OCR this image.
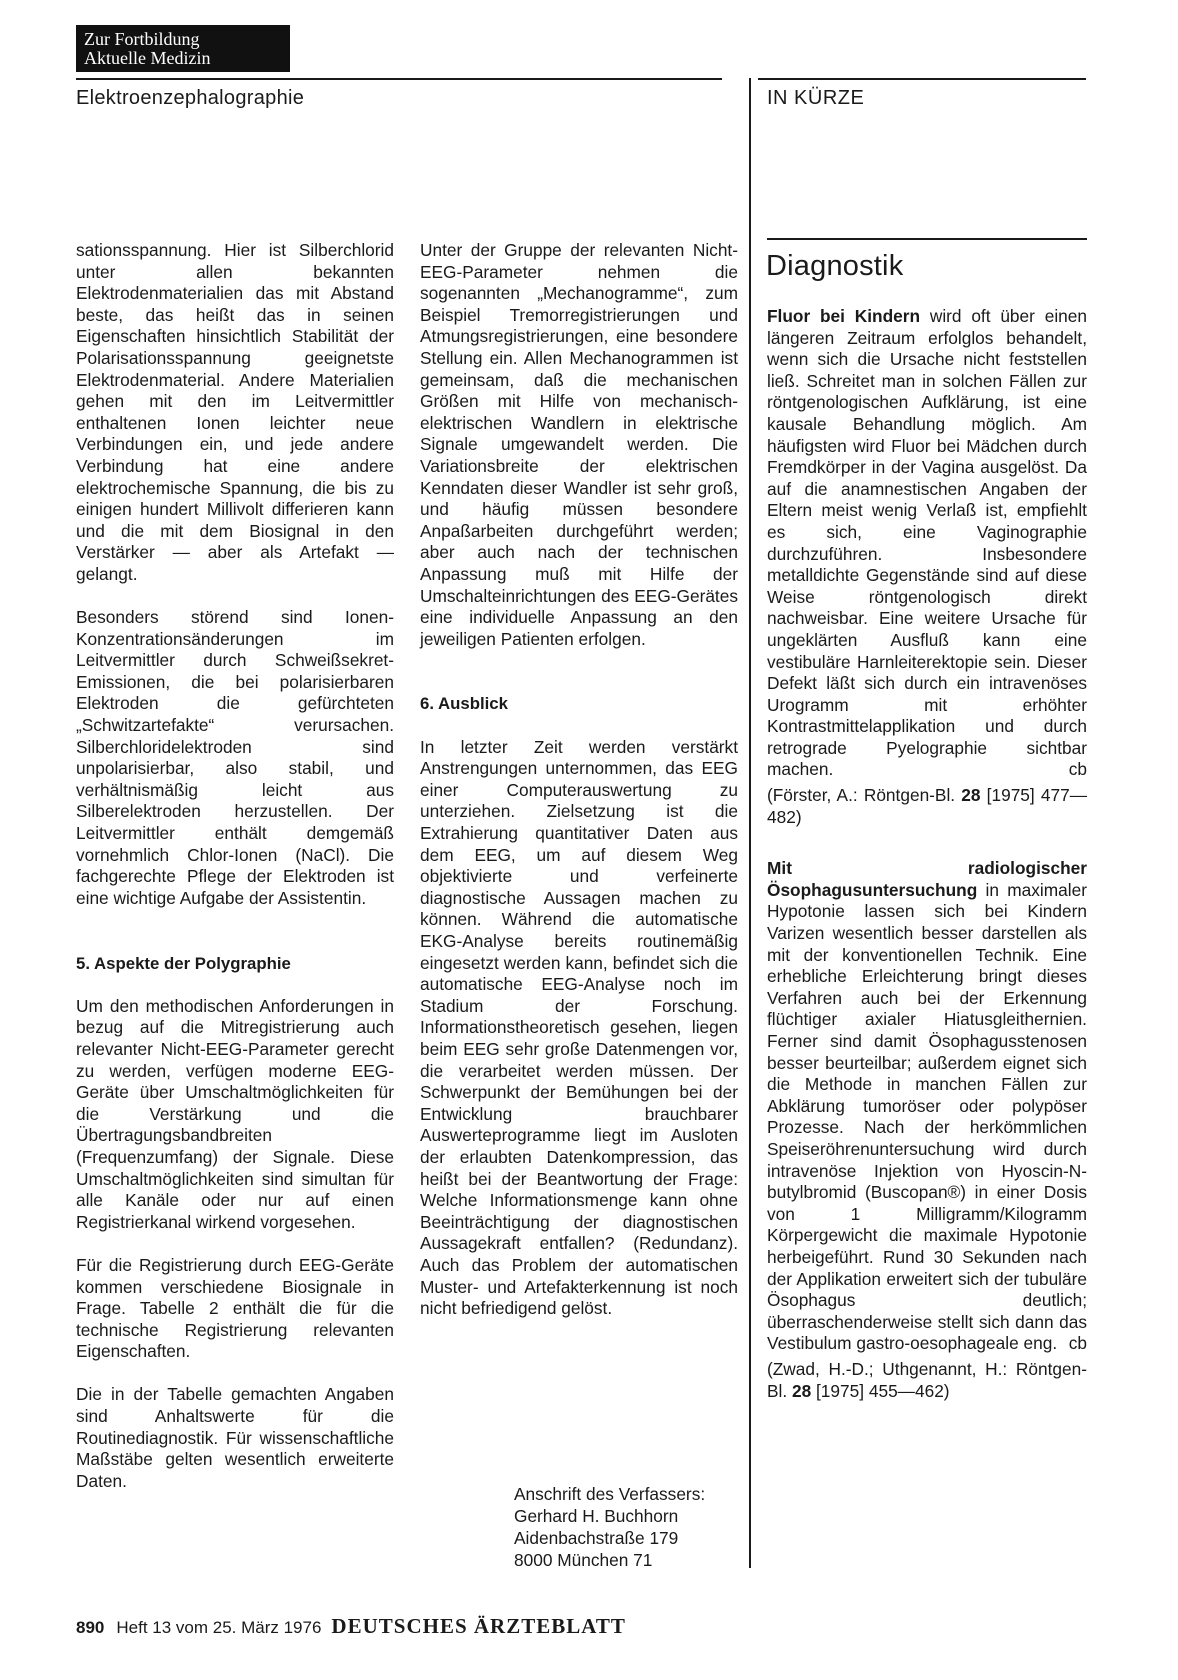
Zur Fortbildung
Aktuelle Medizin
Elektroenzephalographie	IN KÜRZE
Diagnostik

sationsspannung. Hier ist Silberchlorid unter allen bekannten Elektrodenmaterialien das mit Abstand beste, das heißt das in seinen Eigenschaften hinsichtlich Stabilität der Polarisationsspannung geeignetste Elektrodenmaterial. Andere Materialien gehen mit den im Leitvermittler enthaltenen Ionen leichter neue Verbindungen ein, und jede andere Verbindung hat eine andere elektrochemische Spannung, die bis zu einigen hundert Millivolt differieren kann und die mit dem Biosignal in den Verstärker — aber als Artefakt — gelangt.

Besonders störend sind Ionen-Konzentrationsänderungen im Leitvermittler durch Schweißsekret-Emissionen, die bei polarisierbaren Elektroden die gefürchteten „Schwitzartefakte“ verursachen. Silberchloridelektroden sind unpolarisierbar, also stabil, und verhältnismäßig leicht aus Silberelektroden herzustellen. Der Leitvermittler enthält demgemäß vornehmlich Chlor-Ionen (NaCl). Die fachgerechte Pflege der Elektroden ist eine wichtige Aufgabe der Assistentin.

5. Aspekte der Polygraphie

Um den methodischen Anforderungen in bezug auf die Mitregistrierung auch relevanter Nicht-EEG-Parameter gerecht zu werden, verfügen moderne EEG-Geräte über Umschaltmöglichkeiten für die Verstärkung und die Übertragungsbandbreiten (Frequenzumfang) der Signale. Diese Umschaltmöglichkeiten sind simultan für alle Kanäle oder nur auf einen Registrierkanal wirkend vorgesehen.

Für die Registrierung durch EEG-Geräte kommen verschiedene Biosignale in Frage. Tabelle 2 enthält die für die technische Registrierung relevanten Eigenschaften.

Die in der Tabelle gemachten Angaben sind Anhaltswerte für die Routinediagnostik. Für wissenschaftliche Maßstäbe gelten wesentlich erweiterte Daten.

Unter der Gruppe der relevanten Nicht-EEG-Parameter nehmen die sogenannten „Mechanogramme“, zum Beispiel Tremorregistrierungen und Atmungsregistrierungen, eine besondere Stellung ein. Allen Mechanogrammen ist gemeinsam, daß die mechanischen Größen mit Hilfe von mechanisch-elektrischen Wandlern in elektrische Signale umgewandelt werden. Die Variationsbreite der elektrischen Kenndaten dieser Wandler ist sehr groß, und häufig müssen besondere Anpaßarbeiten durchgeführt werden; aber auch nach der technischen Anpassung muß mit Hilfe der Umschalteinrichtungen des EEG-Gerätes eine individuelle Anpassung an den jeweiligen Patienten erfolgen.

6. Ausblick

In letzter Zeit werden verstärkt Anstrengungen unternommen, das EEG einer Computerauswertung zu unterziehen. Zielsetzung ist die Extrahierung quantitativer Daten aus dem EEG, um auf diesem Weg objektivierte und verfeinerte diagnostische Aussagen machen zu können. Während die automatische EKG-Analyse bereits routinemäßig eingesetzt werden kann, befindet sich die automatische EEG-Analyse noch im Stadium der Forschung. Informationstheoretisch gesehen, liegen beim EEG sehr große Datenmengen vor, die verarbeitet werden müssen. Der Schwerpunkt der Bemühungen bei der Entwicklung brauchbarer Auswerteprogramme liegt im Ausloten der erlaubten Datenkompression, das heißt bei der Beantwortung der Frage: Welche Informationsmenge kann ohne Beeinträchtigung der diagnostischen Aussagekraft entfallen? (Redundanz). Auch das Problem der automatischen Muster- und Artefakterkennung ist noch nicht befriedigend gelöst.

Anschrift des Verfassers:
Gerhard H. Buchhorn
Aidenbachstraße 179
8000 München 71

Fluor bei Kindern wird oft über einen längeren Zeitraum erfolglos behandelt, wenn sich die Ursache nicht feststellen ließ. Schreitet man in solchen Fällen zur röntgenologischen Aufklärung, ist eine kausale Behandlung möglich. Am häufigsten wird Fluor bei Mädchen durch Fremdkörper in der Vagina ausgelöst. Da auf die anamnestischen Angaben der Eltern meist wenig Verlaß ist, empfiehlt es sich, eine Vaginographie durchzuführen. Insbesondere metalldichte Gegenstände sind auf diese Weise röntgenologisch direkt nachweisbar. Eine weitere Ursache für ungeklärten Ausfluß kann eine vestibuläre Harnleiterektopie sein. Dieser Defekt läßt sich durch ein intravenöses Urogramm mit erhöhter Kontrastmittelapplikation und durch retrograde Pyelographie sichtbar machen.	cb

(Förster, A.: Röntgen-Bl. 28 [1975] 477—482)

Mit radiologischer Ösophagusuntersuchung in maximaler Hypotonie lassen sich bei Kindern Varizen wesentlich besser darstellen als mit der konventionellen Technik. Eine erhebliche Erleichterung bringt dieses Verfahren auch bei der Erkennung flüchtiger axialer Hiatusgleithernien. Ferner sind damit Ösophagusstenosen besser beurteilbar; außerdem eignet sich die Methode in manchen Fällen zur Abklärung tumoröser oder polypöser Prozesse. Nach der herkömmlichen Speiseröhrenuntersuchung wird durch intravenöse Injektion von Hyoscin-N-butylbromid (Buscopan®) in einer Dosis von 1 Milligramm/Kilogramm Körpergewicht die maximale Hypotonie herbeigeführt. Rund 30 Sekunden nach der Applikation erweitert sich der tubuläre Ösophagus deutlich; überraschenderweise stellt sich dann das Vestibulum gastro-oesophageale eng. cb

(Zwad, H.-D.; Uthgenannt, H.: Röntgen-Bl. 28 [1975] 455—462)

890 Heft 13 vom 25. März 1976 DEUTSCHES ÄRZTEBLATT
